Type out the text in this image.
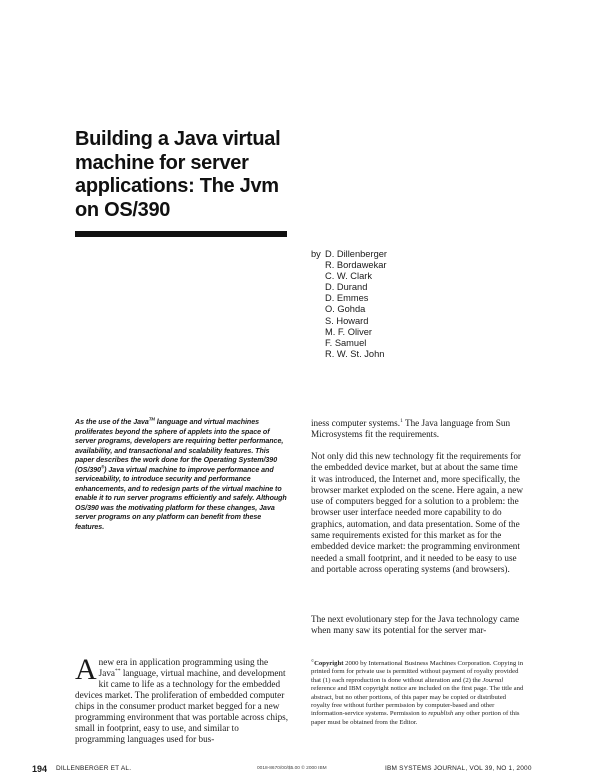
Building a Java virtual machine for server applications: The Jvm on OS/390
by D. Dillenberger
R. Bordawekar
C. W. Clark
D. Durand
D. Emmes
O. Gohda
S. Howard
M. F. Oliver
F. Samuel
R. W. St. John
As the use of the Java™ language and virtual machines proliferates beyond the sphere of applets into the space of server programs, developers are requiring better performance, availability, and transactional and scalability features. This paper describes the work done for the Operating System/390 (OS/390®) Java virtual machine to improve performance and serviceability, to introduce security and performance enhancements, and to redesign parts of the virtual machine to enable it to run server programs efficiently and safely. Although OS/390 was the motivating platform for these changes, Java server programs on any platform can benefit from these features.
Anew era in application programming using the Java** language, virtual machine, and development kit came to life as a technology for the embedded devices market. The proliferation of embedded computer chips in the consumer product market begged for a new programming environment that was portable across chips, small in footprint, easy to use, and similar to programming languages used for bus-
iness computer systems.$^1$ The Java language from Sun Microsystems fit the requirements.
Not only did this new technology fit the requirements for the embedded device market, but at about the same time it was introduced, the Internet and, more specifically, the browser market exploded on the scene. Here again, a new use of computers begged for a solution to a problem: the browser user interface needed more capability to do graphics, automation, and data presentation. Some of the same requirements existed for this market as for the embedded device market: the programming environment needed a small footprint, and it needed to be easy to use and portable across operating systems (and browsers).
The next evolutionary step for the Java technology came when many saw its potential for the server mar-
©Copyright 2000 by International Business Machines Corporation. Copying in printed form for private use is permitted without payment of royalty provided that (1) each reproduction is done without alteration and (2) the Journal reference and IBM copyright notice are included on the first page. The title and abstract, but no other portions, of this paper may be copied or distributed royalty free without further permission by computer-based and other information-service systems. Permission to republish any other portion of this paper must be obtained from the Editor.
194 DILLENBERGER ET AL.	0018-8670/00/$5.00 © 2000 IBM	IBM SYSTEMS JOURNAL, VOL 39, NO 1, 2000
